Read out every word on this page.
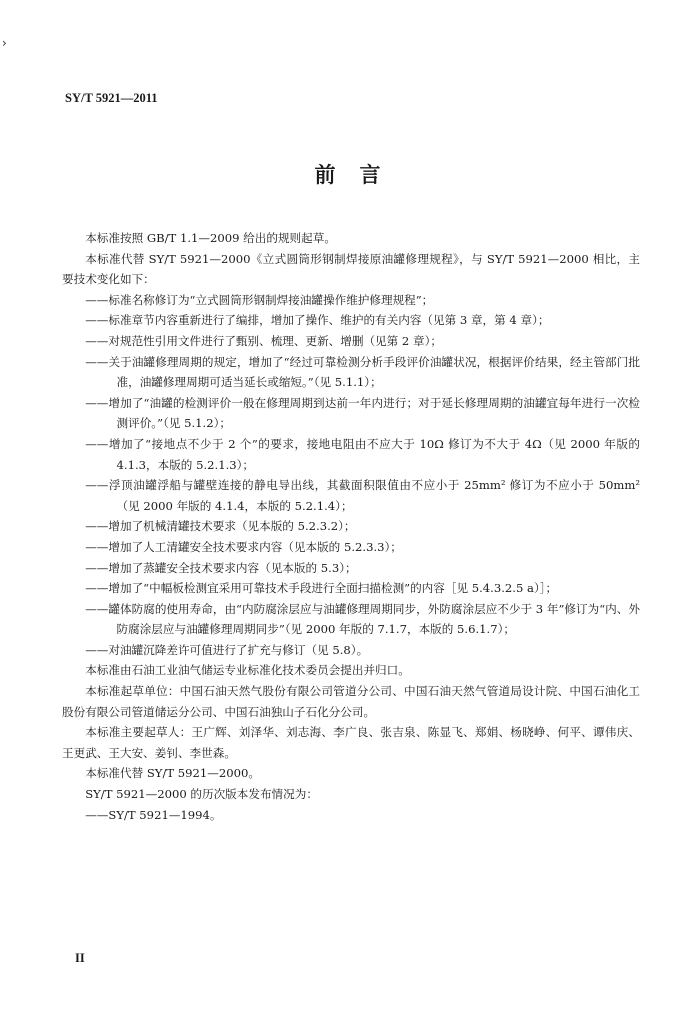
›
SY/T 5921—2011
前言

本标准按照 GB/T 1.1—2009 给出的规则起草。

本标准代替 SY/T 5921—2000《立式圆筒形钢制焊接原油罐修理规程》，与 SY/T 5921—2000 相比，主要技术变化如下：

——标准名称修订为“立式圆筒形钢制焊接油罐操作维护修理规程”；

——标准章节内容重新进行了编排，增加了操作、维护的有关内容（见第 3 章，第 4 章）；

——对规范性引用文件进行了甄别、梳理、更新、增删（见第 2 章）；

——关于油罐修理周期的规定，增加了“经过可靠检测分析手段评价油罐状况，根据评价结果，经主管部门批准，油罐修理周期可适当延长或缩短。”（见 5.1.1）；

——增加了“油罐的检测评价一般在修理周期到达前一年内进行；对于延长修理周期的油罐宜每年进行一次检测评价。”（见 5.1.2）；

——增加了“接地点不少于 2 个”的要求，接地电阻由不应大于 10Ω 修订为不大于 4Ω（见 2000 年版的 4.1.3，本版的 5.2.1.3）；

——浮顶油罐浮船与罐壁连接的静电导出线，其截面积限值由不应小于 25mm² 修订为不应小于 50mm²（见 2000 年版的 4.1.4，本版的 5.2.1.4）；

——增加了机械清罐技术要求（见本版的 5.2.3.2）；

——增加了人工清罐安全技术要求内容（见本版的 5.2.3.3）；

——增加了蒸罐安全技术要求内容（见本版的 5.3）；

——增加了“中幅板检测宜采用可靠技术手段进行全面扫描检测”的内容［见 5.4.3.2.5 a）］；

——罐体防腐的使用寿命，由“内防腐涂层应与油罐修理周期同步，外防腐涂层应不少于 3 年”修订为“内、外防腐涂层应与油罐修理周期同步”（见 2000 年版的 7.1.7，本版的 5.6.1.7）；

——对油罐沉降差许可值进行了扩充与修订（见 5.8）。

本标准由石油工业油气储运专业标准化技术委员会提出并归口。

本标准起草单位：中国石油天然气股份有限公司管道分公司、中国石油天然气管道局设计院、中国石油化工股份有限公司管道储运分公司、中国石油独山子石化分公司。

本标准主要起草人：王广辉、刘泽华、刘志海、李广良、张吉泉、陈显飞、郑娟、杨晓峥、何平、谭伟庆、王更武、王大安、姜钊、李世森。

本标准代替 SY/T 5921—2000。

SY/T 5921—2000 的历次版本发布情况为：

——SY/T 5921—1994。

II
